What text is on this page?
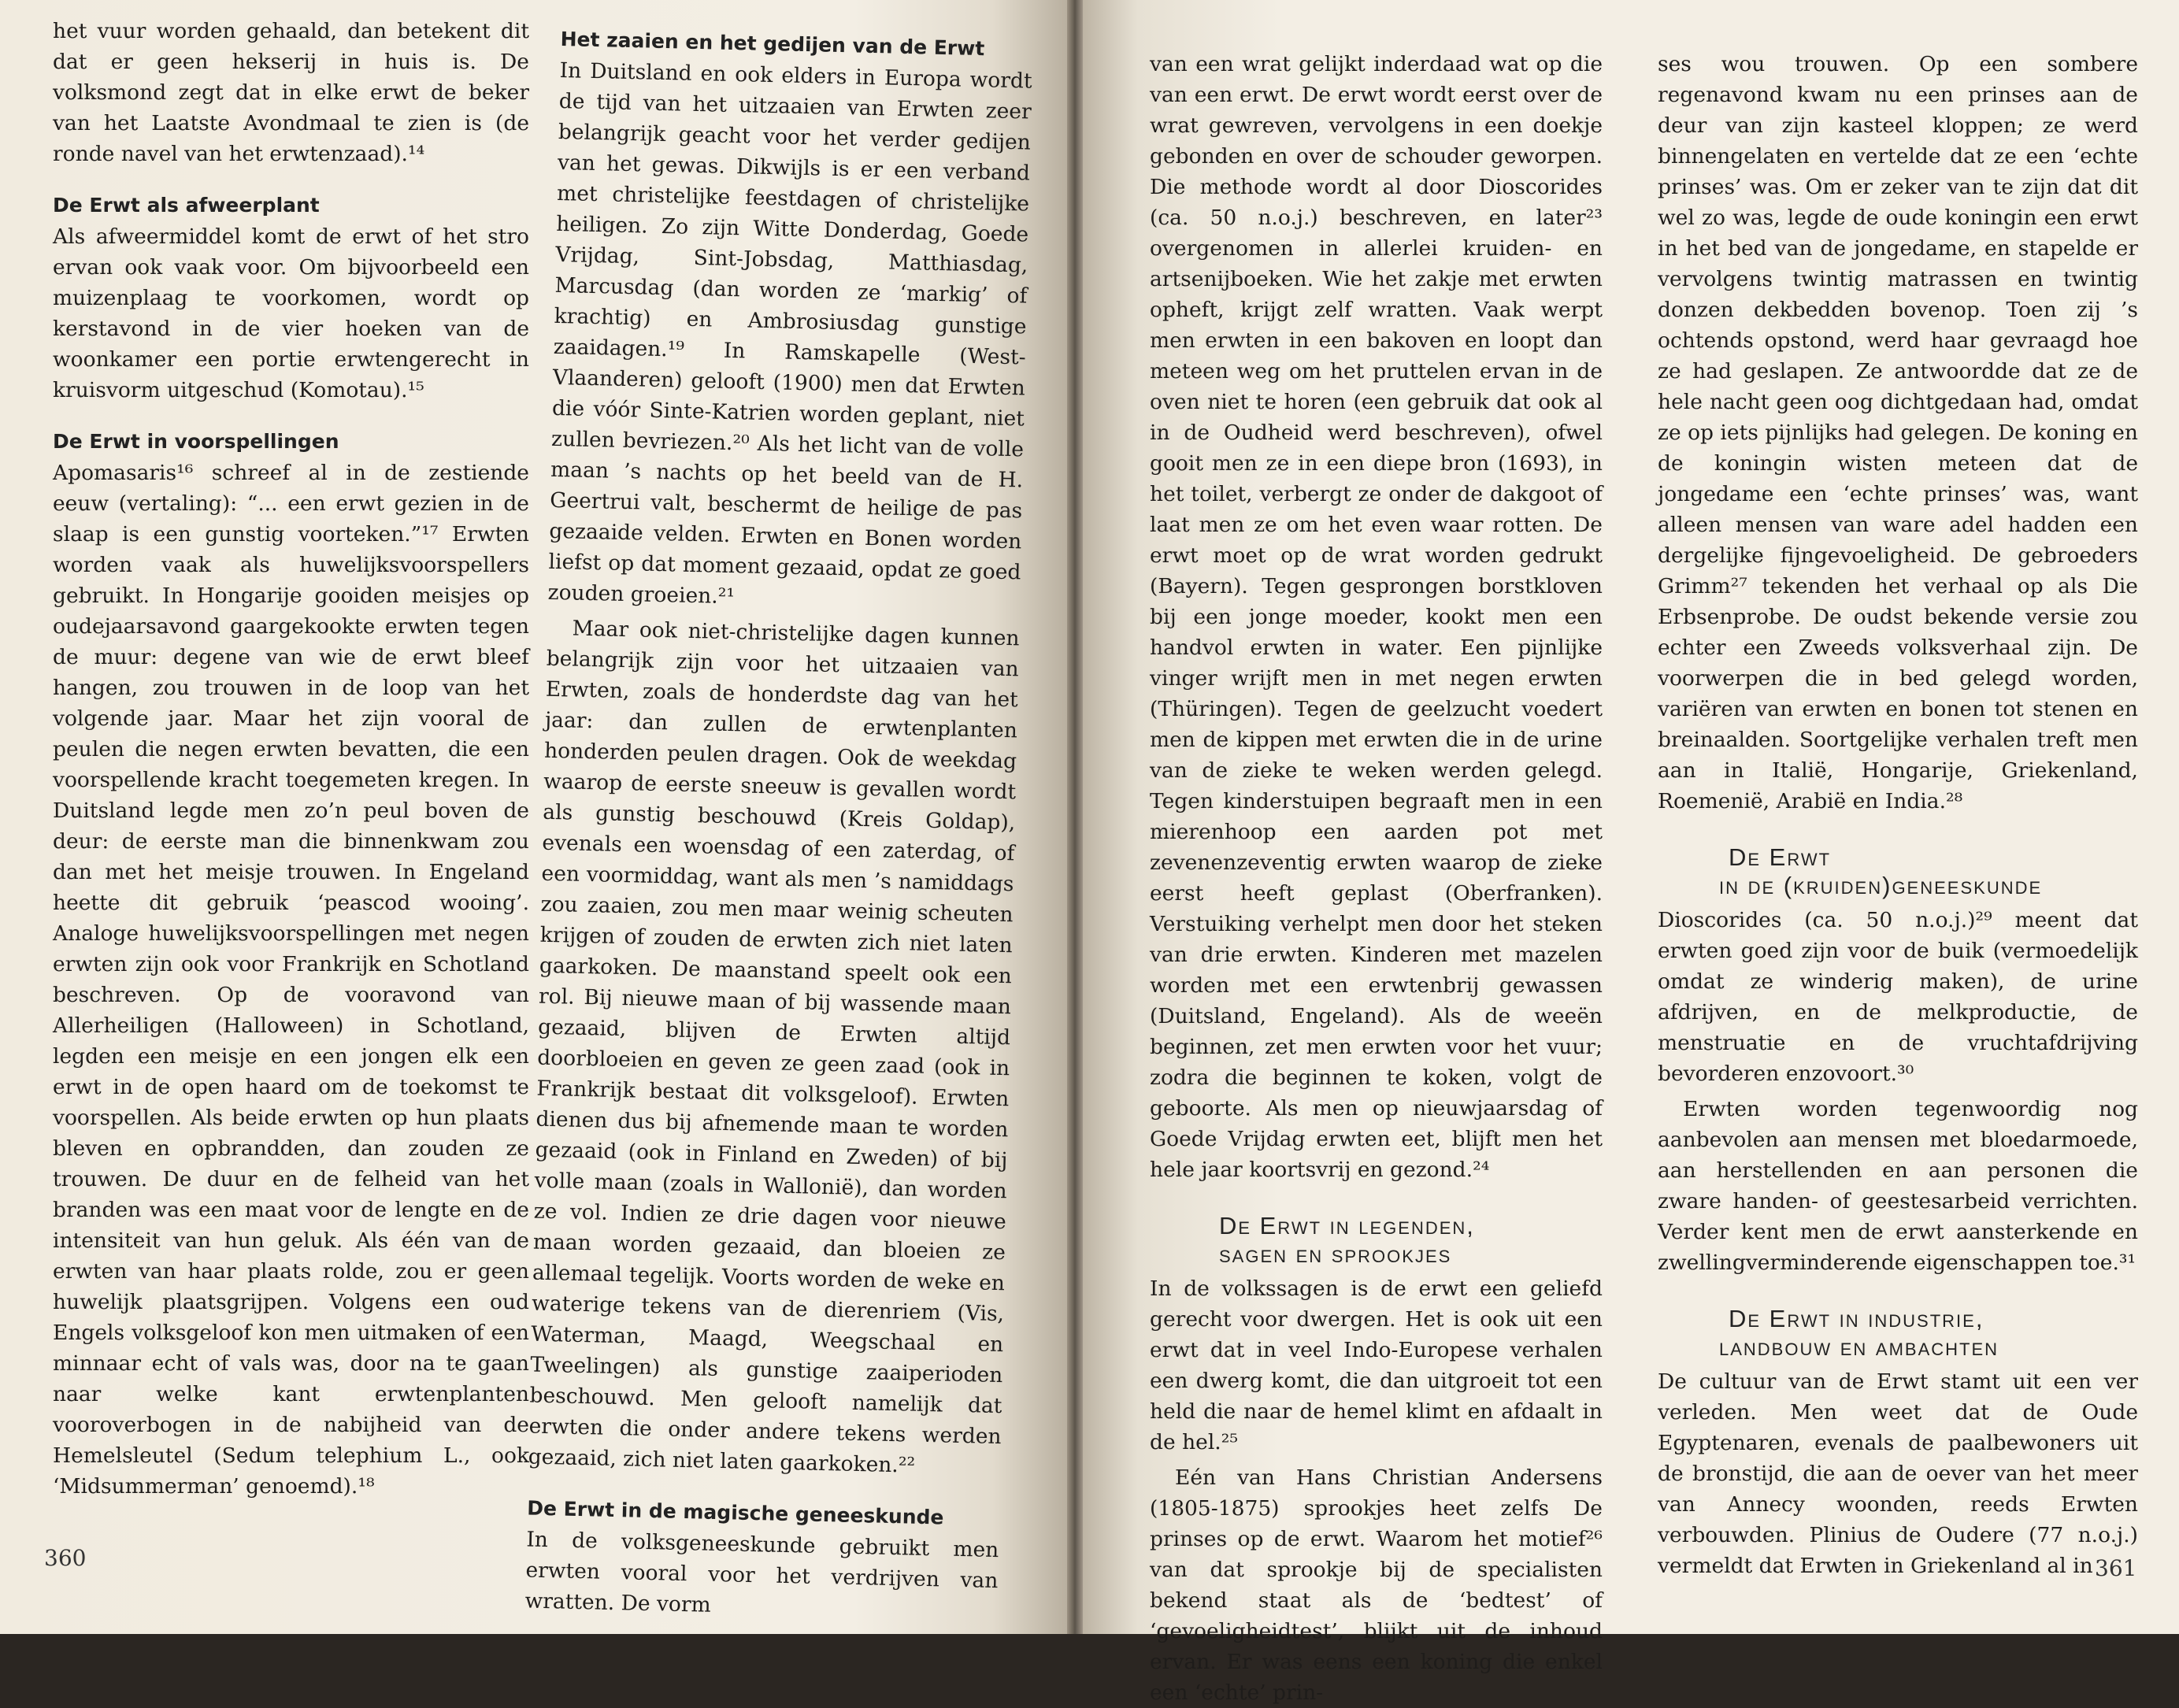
het vuur worden gehaald, dan betekent dit dat er geen hekserij in huis is. De volksmond zegt dat in elke erwt de beker van het Laatste Avondmaal te zien is (de ronde navel van het erwtenzaad).¹⁴

De Erwt als afweerplant

Als afweermiddel komt de erwt of het stro ervan ook vaak voor. Om bijvoorbeeld een muizenplaag te voorkomen, wordt op kerstavond in de vier hoeken van de woonkamer een portie erwtengerecht in kruisvorm uitgeschud (Komotau).¹⁵

De Erwt in voorspellingen

Apomasaris¹⁶ schreef al in de zestiende eeuw (vertaling): “... een erwt gezien in de slaap is een gunstig voorteken.”¹⁷ Erwten worden vaak als huwelijksvoorspellers gebruikt. In Hongarije gooiden meisjes op oudejaarsavond gaargekookte erwten tegen de muur: degene van wie de erwt bleef hangen, zou trouwen in de loop van het volgende jaar. Maar het zijn vooral de peulen die negen erwten bevatten, die een voorspellende kracht toegemeten kregen. In Duitsland legde men zo’n peul boven de deur: de eerste man die binnenkwam zou dan met het meisje trouwen. In Engeland heette dit gebruik ‘peascod wooing’. Analoge huwelijksvoorspellingen met negen erwten zijn ook voor Frankrijk en Schotland beschreven. Op de vooravond van Allerheiligen (Halloween) in Schotland, legden een meisje en een jongen elk een erwt in de open haard om de toekomst te voorspellen. Als beide erwten op hun plaats bleven en opbrandden, dan zouden ze trouwen. De duur en de felheid van het branden was een maat voor de lengte en de intensiteit van hun geluk. Als één van de erwten van haar plaats rolde, zou er geen huwelijk plaatsgrijpen. Volgens een oud Engels volksgeloof kon men uitmaken of een minnaar echt of vals was, door na te gaan naar welke kant erwtenplanten vooroverbogen in de nabijheid van de Hemelsleutel (Sedum telephium L., ook ‘Midsummerman’ genoemd).¹⁸

Het zaaien en het gedijen van de Erwt

In Duitsland en ook elders in Europa wordt de tijd van het uitzaaien van Erwten zeer belangrijk geacht voor het verder gedijen van het gewas. Dikwijls is er een verband met christelijke feestdagen of christelijke heiligen. Zo zijn Witte Donderdag, Goede Vrijdag, Sint-Jobsdag, Matthiasdag, Marcusdag (dan worden ze ‘markig’ of krachtig) en Ambrosiusdag gunstige zaaidagen.¹⁹ In Ramskapelle (West-Vlaanderen) gelooft (1900) men dat Erwten die vóór Sinte-Katrien worden geplant, niet zullen bevriezen.²⁰ Als het licht van de volle maan ’s nachts op het beeld van de H. Geertrui valt, beschermt de heilige de pas gezaaide velden. Erwten en Bonen worden liefst op dat moment gezaaid, opdat ze goed zouden groeien.²¹

Maar ook niet-christelijke dagen kunnen belangrijk zijn voor het uitzaaien van Erwten, zoals de honderdste dag van het jaar: dan zullen de erwtenplanten honderden peulen dragen. Ook de weekdag waarop de eerste sneeuw is gevallen wordt als gunstig beschouwd (Kreis Goldap), evenals een woensdag of een zaterdag, of een voormiddag, want als men ’s namiddags zou zaaien, zou men maar weinig scheuten krijgen of zouden de erwten zich niet laten gaarkoken. De maanstand speelt ook een rol. Bij nieuwe maan of bij wassende maan gezaaid, blijven de Erwten altijd doorbloeien en geven ze geen zaad (ook in Frankrijk bestaat dit volksgeloof). Erwten dienen dus bij afnemende maan te worden gezaaid (ook in Finland en Zweden) of bij volle maan (zoals in Wallonië), dan worden ze vol. Indien ze drie dagen voor nieuwe maan worden gezaaid, dan bloeien ze allemaal tegelijk. Voorts worden de weke en waterige tekens van de dierenriem (Vis, Waterman, Maagd, Weegschaal en Tweelingen) als gunstige zaaiperioden beschouwd. Men gelooft namelijk dat erwten die onder andere tekens werden gezaaid, zich niet laten gaarkoken.²²

De Erwt in de magische geneeskunde

In de volksgeneeskunde gebruikt men erwten vooral voor het verdrijven van wratten. De vorm

360

van een wrat gelijkt inderdaad wat op die van een erwt. De erwt wordt eerst over de wrat gewreven, vervolgens in een doekje gebonden en over de schouder geworpen. Die methode wordt al door Dioscorides (ca. 50 n.o.j.) beschreven, en later²³ overgenomen in allerlei kruiden- en artsenijboeken. Wie het zakje met erwten opheft, krijgt zelf wratten. Vaak werpt men erwten in een bakoven en loopt dan meteen weg om het pruttelen ervan in de oven niet te horen (een gebruik dat ook al in de Oudheid werd beschreven), ofwel gooit men ze in een diepe bron (1693), in het toilet, verbergt ze onder de dakgoot of laat men ze om het even waar rotten. De erwt moet op de wrat worden gedrukt (Bayern). Tegen gesprongen borstkloven bij een jonge moeder, kookt men een handvol erwten in water. Een pijnlijke vinger wrijft men in met negen erwten (Thüringen). Tegen de geelzucht voedert men de kippen met erwten die in de urine van de zieke te weken werden gelegd. Tegen kinderstuipen begraaft men in een mierenhoop een aarden pot met zevenenzeventig erwten waarop de zieke eerst heeft geplast (Oberfranken). Verstuiking verhelpt men door het steken van drie erwten. Kinderen met mazelen worden met een erwtenbrij gewassen (Duitsland, Engeland). Als de weeën beginnen, zet men erwten voor het vuur; zodra die beginnen te koken, volgt de geboorte. Als men op nieuwjaarsdag of Goede Vrijdag erwten eet, blijft men het hele jaar koortsvrij en gezond.²⁴

De Erwt in legenden,
sagen en sprookjes

In de volkssagen is de erwt een geliefd gerecht voor dwergen. Het is ook uit een erwt dat in veel Indo-Europese verhalen een dwerg komt, die dan uitgroeit tot een held die naar de hemel klimt en afdaalt in de hel.²⁵

Eén van Hans Christian Andersens (1805-1875) sprookjes heet zelfs De prinses op de erwt. Waarom het motief²⁶ van dat sprookje bij de specialisten bekend staat als de ‘bedtest’ of ‘gevoeligheidtest’, blijkt uit de inhoud ervan. Er was eens een koning die enkel een ‘echte’ prin-

ses wou trouwen. Op een sombere regenavond kwam nu een prinses aan de deur van zijn kasteel kloppen; ze werd binnengelaten en vertelde dat ze een ‘echte prinses’ was. Om er zeker van te zijn dat dit wel zo was, legde de oude koningin een erwt in het bed van de jongedame, en stapelde er vervolgens twintig matrassen en twintig donzen dekbedden bovenop. Toen zij ’s ochtends opstond, werd haar gevraagd hoe ze had geslapen. Ze antwoordde dat ze de hele nacht geen oog dichtgedaan had, omdat ze op iets pijnlijks had gelegen. De koning en de koningin wisten meteen dat de jongedame een ‘echte prinses’ was, want alleen mensen van ware adel hadden een dergelijke fijngevoeligheid. De gebroeders Grimm²⁷ tekenden het verhaal op als Die Erbsenprobe. De oudst bekende versie zou echter een Zweeds volksverhaal zijn. De voorwerpen die in bed gelegd worden, variëren van erwten en bonen tot stenen en breinaalden. Soortgelijke verhalen treft men aan in Italië, Hongarije, Griekenland, Roemenië, Arabië en India.²⁸

De Erwt
in de (kruiden)geneeskunde

Dioscorides (ca. 50 n.o.j.)²⁹ meent dat erwten goed zijn voor de buik (vermoedelijk omdat ze winderig maken), de urine afdrijven, en de melkproductie, de menstruatie en de vruchtafdrijving bevorderen enzovoort.³⁰

Erwten worden tegenwoordig nog aanbevolen aan mensen met bloedarmoede, aan herstellenden en aan personen die zware handen- of geestesarbeid verrichten. Verder kent men de erwt aansterkende en zwellingverminderende eigenschappen toe.³¹

De Erwt in industrie,
landbouw en ambachten

De cultuur van de Erwt stamt uit een ver verleden. Men weet dat de Oude Egyptenaren, evenals de paalbewoners uit de bronstijd, die aan de oever van het meer van Annecy woonden, reeds Erwten verbouwden. Plinius de Oudere (77 n.o.j.) vermeldt dat Erwten in Griekenland al in 361
